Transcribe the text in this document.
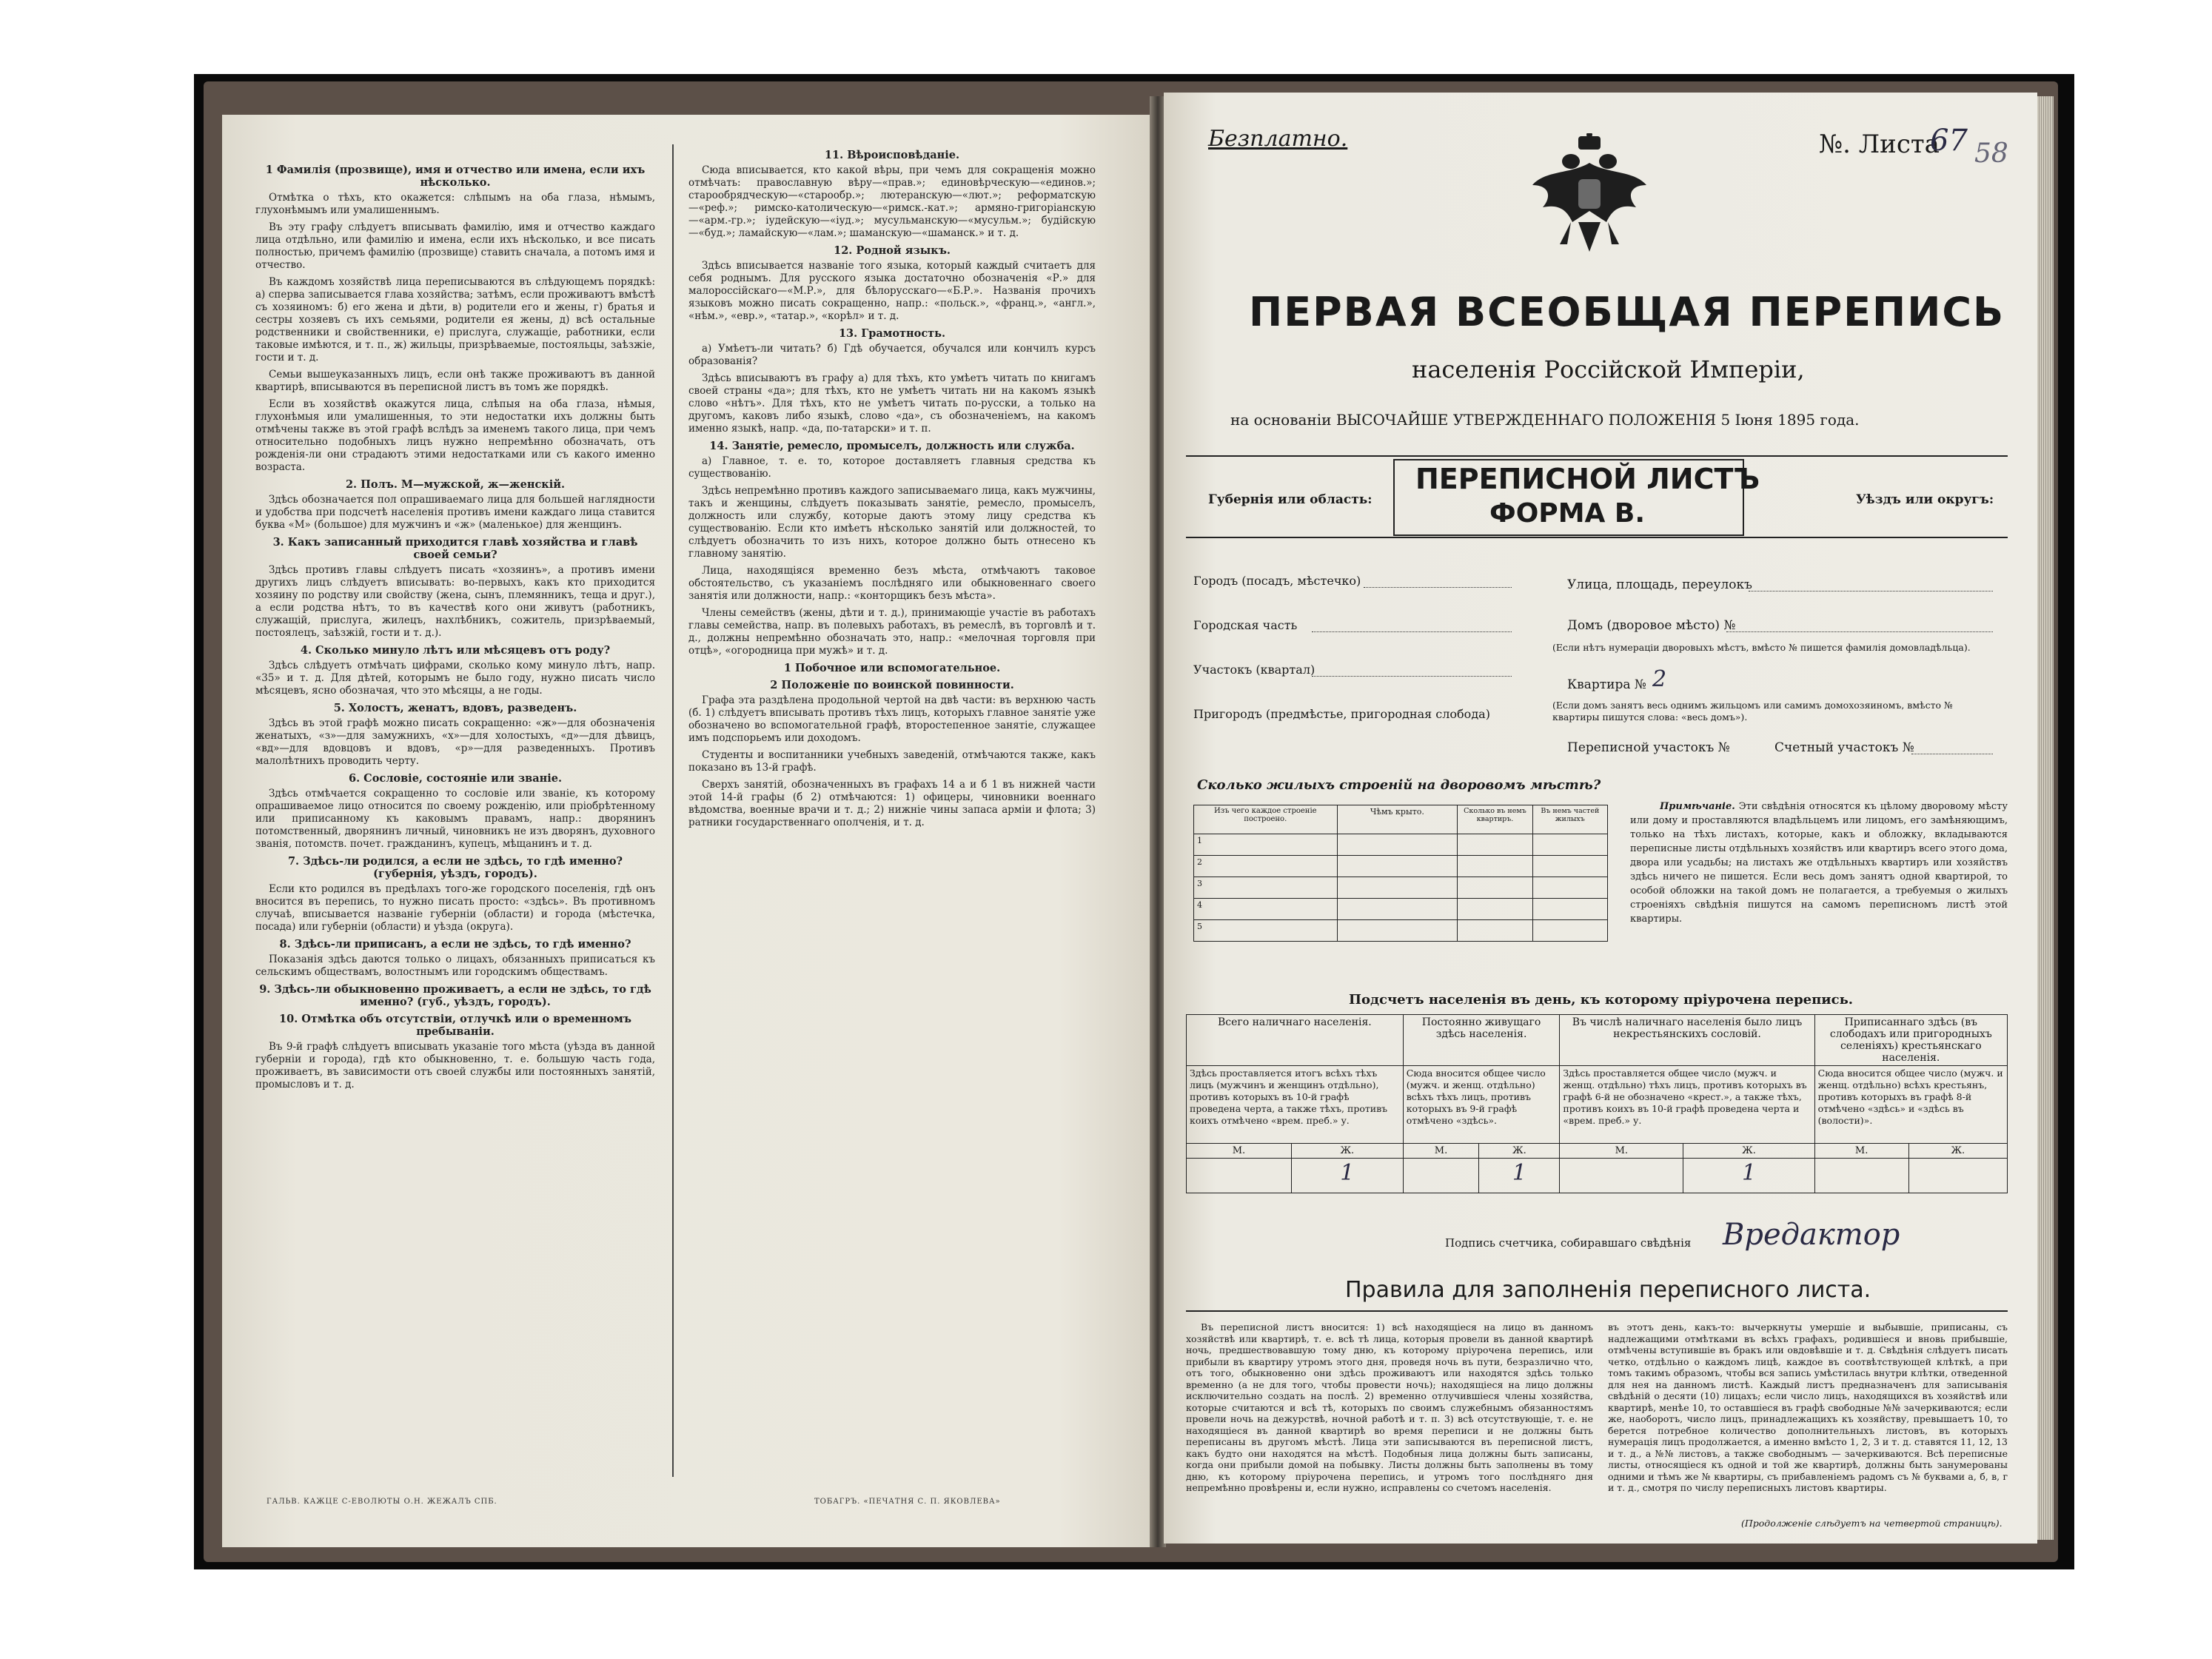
1 Фамилія (прозвище), имя и отчество или имена, если ихъ нѣсколько.

Отмѣтка о тѣхъ, кто окажется: слѣпымъ на оба глаза, нѣмымъ, глухонѣмымъ или умалишеннымъ.

Въ эту графу слѣдуетъ вписывать фамилію, имя и отчество каждаго лица отдѣльно, или фамилію и имена, если ихъ нѣсколько, и все писать полностью, причемъ фамилію (прозвище) ставить сначала, а потомъ имя и отчество.

Въ каждомъ хозяйствѣ лица переписываются въ слѣдующемъ порядкѣ: а) сперва записывается глава хозяйства; затѣмъ, если проживаютъ вмѣстѣ съ хозяиномъ: б) его жена и дѣти, в) родители его и жены, г) братья и сестры хозяевъ съ ихъ семьями, родители ея жены, д) всѣ остальные родственники и свойственники, е) прислуга, служащіе, работники, если таковые имѣются, и т. п., ж) жильцы, призрѣваемые, постояльцы, заѣзжіе, гости и т. д.

Семьи вышеуказанныхъ лицъ, если онѣ также проживаютъ въ данной квартирѣ, вписываются въ переписной листъ въ томъ же порядкѣ.

Если въ хозяйствѣ окажутся лица, слѣпыя на оба глаза, нѣмыя, глухонѣмыя или умалишенныя, то эти недостатки ихъ должны быть отмѣчены также въ этой графѣ вслѣдъ за именемъ такого лица, при чемъ относительно подобныхъ лицъ нужно непремѣнно обозначать, отъ рожденія-ли они страдаютъ этими недостатками или съ какого именно возраста.

2. Полъ. М—мужской, ж—женскій.

Здѣсь обозначается пол опрашиваемаго лица для большей наглядности и удобства при подсчетѣ населенія противъ имени каждаго лица ставится буква «М» (большое) для мужчинъ и «ж» (маленькое) для женщинъ.

3. Какъ записанный приходится главѣ хозяйства и главѣ своей семьи?

Здѣсь противъ главы слѣдуетъ писать «хозяинъ», а противъ имени другихъ лицъ слѣдуетъ вписывать: во-первыхъ, какъ кто приходится хозяину по родству или свойству (жена, сынъ, племянникъ, теща и друг.), а если родства нѣтъ, то въ качествѣ кого они живутъ (работникъ, служащій, прислуга, жилецъ, нахлѣбникъ, сожитель, призрѣваемый, постоялецъ, заѣзжій, гости и т. д.).

4. Сколько минуло лѣтъ или мѣсяцевъ отъ роду?

Здѣсь слѣдуетъ отмѣчать цифрами, сколько кому минуло лѣтъ, напр. «35» и т. д. Для дѣтей, которымъ не было году, нужно писать число мѣсяцевъ, ясно обозначая, что это мѣсяцы, а не годы.

5. Холостъ, женатъ, вдовъ, разведенъ.

Здѣсь въ этой графѣ можно писать сокращенно: «ж»—для обозначенія женатыхъ, «з»—для замужнихъ, «х»—для холостыхъ, «д»—для дѣвицъ, «вд»—для вдовцовъ и вдовъ, «р»—для разведенныхъ. Противъ малолѣтнихъ проводить черту.

6. Сословіе, состояніе или званіе.

Здѣсь отмѣчается сокращенно то сословіе или званіе, къ которому опрашиваемое лицо относится по своему рожденію, или пріобрѣтенному или приписанному къ каковымъ правамъ, напр.: дворянинъ потомственный, дворянинъ личный, чиновникъ не изъ дворянъ, духовного званія, потомств. почет. гражданинъ, купецъ, мѣщанинъ и т. д.

7. Здѣсь-ли родился, а если не здѣсь, то гдѣ именно? (губернія, уѣздъ, городъ).

Если кто родился въ предѣлахъ того-же городского поселенія, гдѣ онъ вносится въ перепись, то нужно писать просто: «здѣсь». Въ противномъ случаѣ, вписывается названіе губерніи (области) и города (мѣстечка, посада) или губерніи (области) и уѣзда (округа).

8. Здѣсь-ли приписанъ, а если не здѣсь, то гдѣ именно?

Показанія здѣсь даются только о лицахъ, обязанныхъ приписаться къ сельскимъ обществамъ, волостнымъ или городскимъ обществамъ.

9. Здѣсь-ли обыкновенно проживаетъ, а если не здѣсь, то гдѣ именно? (губ., уѣздъ, городъ).
10. Отмѣтка объ отсутствіи, отлучкѣ или о временномъ пребываніи.

Въ 9-й графѣ слѣдуетъ вписывать указаніе того мѣста (уѣзда въ данной губерніи и города), гдѣ кто обыкновенно, т. е. большую часть года, проживаетъ, въ зависимости отъ своей службы или постоянныхъ занятій, промысловъ и т. д.

11. Вѣроисповѣданіе.

Сюда вписывается, кто какой вѣры, при чемъ для сокращенія можно отмѣчать: православную вѣру—«прав.»; единовѣрческую—«единов.»; старообрядческую—«старообр.»; лютеранскую—«лют.»; реформатскую—«реф.»; римско-католическую—«римск.-кат.»; армяно-григоріанскую—«арм.-гр.»; іудейскую—«іуд.»; мусульманскую—«мусульм.»; будійскую—«буд.»; ламайскую—«лам.»; шаманскую—«шаманск.» и т. д.

12. Родной языкъ.

Здѣсь вписывается названіе того языка, который каждый считаетъ для себя роднымъ. Для русского языка достаточно обозначенія «Р.» для малороссійскаго—«М.Р.», для бѣлорусскаго—«Б.Р.». Названія прочихъ языковъ можно писать сокращенно, напр.: «польск.», «франц.», «англ.», «нѣм.», «евр.», «татар.», «корѣл» и т. д.

13. Грамотность.

а) Умѣетъ-ли читать? б) Гдѣ обучается, обучался или кончилъ курсъ образованія?

Здѣсь вписываютъ въ графу а) для тѣхъ, кто умѣетъ читать по книгамъ своей страны «да»; для тѣхъ, кто не умѣетъ читать ни на какомъ языкѣ слово «нѣтъ». Для тѣхъ, кто не умѣетъ читать по-русски, а только на другомъ, каковъ либо языкѣ, слово «да», съ обозначеніемъ, на какомъ именно языкѣ, напр. «да, по-татарски» и т. п.

14. Занятіе, ремесло, промыселъ, должность или служба.

а) Главное, т. е. то, которое доставляетъ главныя средства къ существованію.

Здѣсь непремѣнно противъ каждого записываемаго лица, какъ мужчины, такъ и женщины, слѣдуетъ показывать занятіе, ремесло, промыселъ, должность или службу, которые даютъ этому лицу средства къ существованію. Если кто имѣетъ нѣсколько занятій или должностей, то слѣдуетъ обозначить то изъ нихъ, которое должно быть отнесено къ главному занятію.

Лица, находящіяся временно безъ мѣста, отмѣчаютъ таковое обстоятельство, съ указаніемъ послѣдняго или обыкновеннаго своего занятія или должности, напр.: «конторщикъ безъ мѣста».

Члены семействъ (жены, дѣти и т. д.), принимающіе участіе въ работахъ главы семейства, напр. въ полевыхъ работахъ, въ ремеслѣ, въ торговлѣ и т. д., должны непремѣнно обозначать это, напр.: «мелочная торговля при отцѣ», «огородница при мужѣ» и т. д.

1 Побочное или вспомогательное.
2 Положеніе по воинской повинности.

Графа эта раздѣлена продольной чертой на двѣ части: въ верхнюю часть (б. 1) слѣдуетъ вписывать противъ тѣхъ лицъ, которыхъ главное занятіе уже обозначено во вспомогательной графѣ, второстепенное занятіе, служащее имъ подспорьемъ или доходомъ.

Студенты и воспитанники учебныхъ заведеній, отмѣчаются также, какъ показано въ 13-й графѣ.

Сверхъ занятій, обозначенныхъ въ графахъ 14 а и б 1 въ нижней части этой 14-й графы (б 2) отмѣчаются: 1) офицеры, чиновники военнаго вѣдомства, военные врачи и т. д.; 2) нижніе чины запаса арміи и флота; 3) ратники государственнаго ополченія, и т. д.

ГАЛЬВ. КАЖЦЕ С-ЕВОЛЮТЫ О.Н. ЖЕЖАЛЪ СПБ.	ТОБАГРЪ. «ПЕЧАТНЯ С. П. ЯКОВЛЕВА»
Безплатно.	№. Листа
67 58
ПЕРВАЯ ВСЕОБЩАЯ ПЕРЕПИСЬ
населенія Россійской Имперіи,
на основаніи ВЫСОЧАЙШЕ УТВЕРЖДЕННАГО ПОЛОЖЕНІЯ 5 Іюня 1895 года.
Губернія или область:
ПЕРЕПИСНОЙ ЛИСТЪ
ФОРМА В.	Уѣздъ или округъ:
Городъ (посадъ, мѣстечко)
Городская часть
Участокъ (квартал)
Пригородъ (предмѣстье, пригородная слобода)
Улица, площадь, переулокъ
Домъ (дворовое мѣсто) №
(Если нѣтъ нумераціи дворовыхъ мѣстъ, вмѣсто № пишется фамилія домовладѣльца).
Квартира № 2
(Если домъ занятъ весь однимъ жильцомъ или самимъ домохозяиномъ, вмѣсто № квартиры пишутся слова: «весь домъ»).
Переписной участокъ №	Счетный участокъ №
Сколько жилыхъ строеній на дворовомъ мѣстѣ?
Изъ чего каждое строеніе построено.	Чѣмъ крыто.	Сколько въ немъ квартиръ.	Въ немъ частей жилыхъ
1			
2			
3			
4			
5			
Примѣчаніе. Эти свѣдѣнія относятся къ цѣлому дворовому мѣсту или дому и проставляются владѣльцемъ или лицомъ, его замѣняющимъ, только на тѣхъ листахъ, которые, какъ и обложку, вкладываются переписные листы отдѣльныхъ хозяйствъ или квартиръ всего этого дома, двора или усадьбы; на листахъ же отдѣльныхъ квартиръ или хозяйствъ здѣсь ничего не пишется. Если весь домъ занятъ одной квартирой, то особой обложки на такой домъ не полагается, а требуемыя о жилыхъ строеніяхъ свѣдѣнія пишутся на самомъ переписномъ листѣ этой квартиры.
Подсчетъ населенія въ день, къ которому пріурочена перепись.
Всего наличнаго населенія.		Постоянно живущаго здѣсь населенія.		Въ числѣ наличнаго населенія было лицъ некрестьянскихъ сословій.		Приписаннаго здѣсь (въ слободахъ или пригородныхъ селеніяхъ) крестьянскаго населенія.	
Здѣсь проставляется итогъ всѣхъ тѣхъ лицъ (мужчинъ и женщинъ отдѣльно), противъ которыхъ въ 10-й графѣ проведена черта, а также тѣхъ, противъ коихъ отмѣчено «врем. преб.» у.		Сюда вносится общее число (мужч. и женщ. отдѣльно) всѣхъ тѣхъ лицъ, противъ которыхъ въ 9-й графѣ отмѣчено «здѣсь».		Здѣсь проставляется общее число (мужч. и женщ. отдѣльно) тѣхъ лицъ, противъ которыхъ въ графѣ 6-й не обозначено «крест.», а также тѣхъ, противъ коихъ въ 10-й графѣ проведена черта и «врем. преб.» у.		Сюда вносится общее число (мужч. и женщ. отдѣльно) всѣхъ крестьянъ, противъ которыхъ въ графѣ 8-й отмѣчено «здѣсь» и «здѣсь въ (волости)».	
М.	Ж.	М.	Ж.	М.	Ж.	М.	Ж.
	1		1		1		
Подпись счетчика, собиравшаго свѣдѣнія Вредактор
Правила для заполненія переписного листа.
Въ переписной листъ вносится: 1) всѣ находящіеся на лицо въ данномъ хозяйствѣ или квартирѣ, т. е. всѣ тѣ лица, которыя провели въ данной квартирѣ ночь, предшествовавшую тому дню, къ которому пріурочена перепись, или прибыли въ квартиру утромъ этого дня, проведя ночь въ пути, безразлично что, отъ того, обыкновенно они здѣсь проживаютъ или находятся здѣсь только временно (а не для того, чтобы провести ночь); находящіеся на лицо должны исключительно создать на послѣ. 2) временно отлучившіеся члены хозяйства, которые считаются и всѣ тѣ, которыхъ по своимъ служебнымъ обязанностямъ провели ночь на дежурствѣ, ночной работѣ и т. п. 3) всѣ отсутствующіе, т. е. не находящіеся въ данной квартирѣ во время переписи и не должны быть переписаны въ другомъ мѣстѣ. Лица эти записываются въ переписной листъ, какъ будто они находятся на мѣстѣ. Подобныя лица должны быть записаны, когда они прибыли домой на побывку. Листы должны быть заполнены въ тому дню, къ которому пріурочена перепись, и утромъ того послѣдняго дня непремѣнно провѣрены и, если нужно, исправлены со счетомъ населенія.
въ этотъ день, какъ-то: вычеркнуты умершіе и выбывшіе, приписаны, съ надлежащими отмѣтками въ всѣхъ графахъ, родившіеся и вновь прибывшіе, отмѣчены вступившіе въ бракъ или овдовѣвшіе и т. д. Свѣдѣнія слѣдуетъ писать четко, отдѣльно о каждомъ лицѣ, каждое въ соотвѣтствующей клѣткѣ, а при томъ такимъ образомъ, чтобы вся запись умѣстилась внутри клѣтки, отведенной для нея на данномъ листѣ. Каждый листъ предназначенъ для записыванія свѣдѣній о десяти (10) лицахъ; если число лицъ, находящихся въ хозяйствѣ или квартирѣ, менѣе 10, то оставшіеся въ графѣ свободные №№ зачеркиваются; если же, наоборотъ, число лицъ, принадлежащихъ къ хозяйству, превышаетъ 10, то берется потребное количество дополнительныхъ листовъ, въ которыхъ нумерація лицъ продолжается, а именно вмѣсто 1, 2, 3 и т. д. ставятся 11, 12, 13 и т. д., а №№ листовъ, а также свободнымъ — зачеркиваются. Всѣ переписные листы, относящіеся къ одной и той же квартирѣ, должны быть занумерованы одними и тѣмъ же № квартиры, съ прибавленіемъ радомъ съ № буквами а, б, в, г и т. д., смотря по числу переписныхъ листовъ квартиры.
(Продолженіе слѣдуетъ на четвертой страницѣ).
